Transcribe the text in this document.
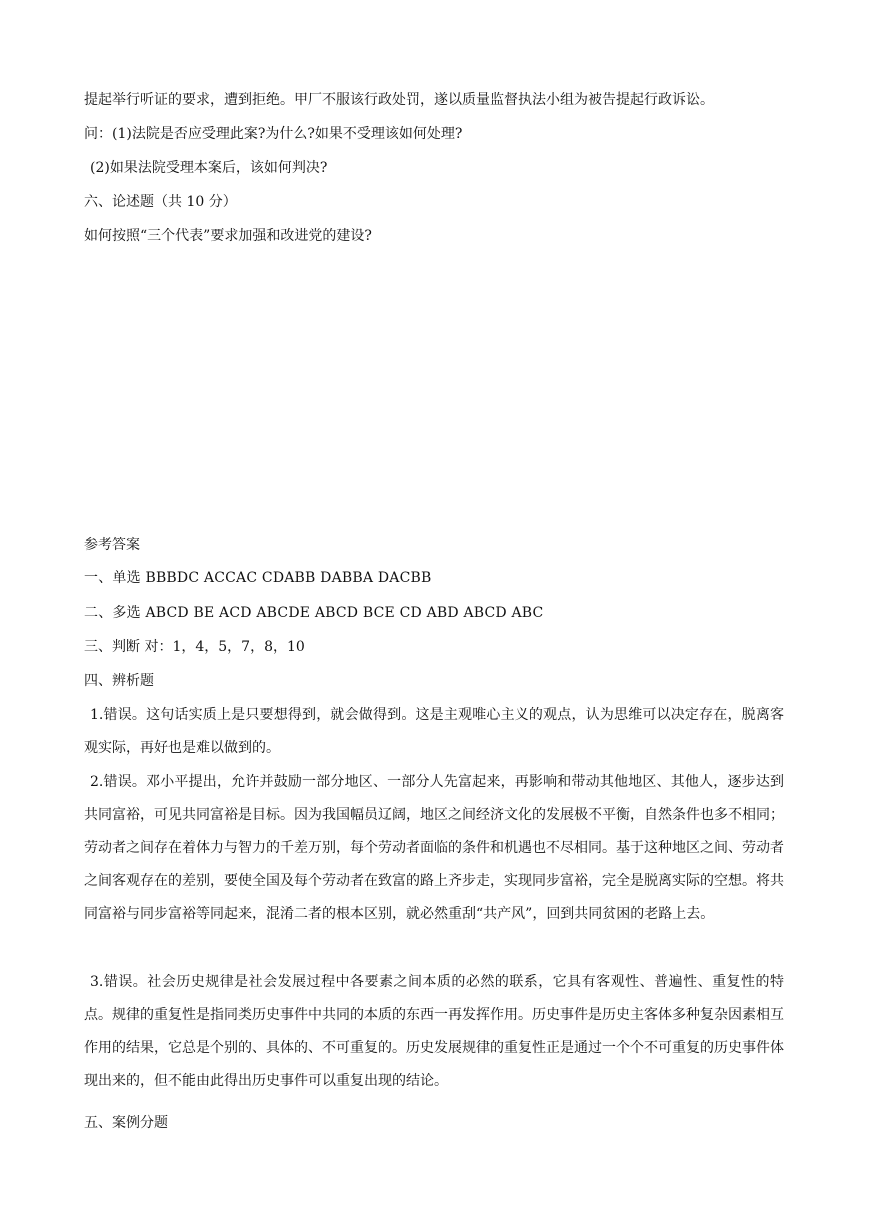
提起举行听证的要求，遭到拒绝。甲厂不服该行政处罚，遂以质量监督执法小组为被告提起行政诉讼。
问：(1)法院是否应受理此案?为什么?如果不受理该如何处理?
(2)如果法院受理本案后，该如何判决?
六、论述题（共 10 分）
如何按照“三个代表”要求加强和改进党的建设?
参考答案
一、单选 BBBDC ACCAC CDABB DABBA DACBB
二、多选 ABCD BE ACD ABCDE ABCD BCE CD ABD ABCD ABC
三、判断 对：1，4，5，7，8，10
四、辨析题
1.错误。这句话实质上是只要想得到，就会做得到。这是主观唯心主义的观点，认为思维可以决定存在，脱离客观实际，再好也是难以做到的。
2.错误。邓小平提出，允许并鼓励一部分地区、一部分人先富起来，再影响和带动其他地区、其他人，逐步达到共同富裕，可见共同富裕是目标。因为我国幅员辽阔，地区之间经济文化的发展极不平衡，自然条件也多不相同；劳动者之间存在着体力与智力的千差万别，每个劳动者面临的条件和机遇也不尽相同。基于这种地区之间、劳动者之间客观存在的差别，要使全国及每个劳动者在致富的路上齐步走，实现同步富裕，完全是脱离实际的空想。将共同富裕与同步富裕等同起来，混淆二者的根本区别，就必然重刮“共产风”，回到共同贫困的老路上去。
3.错误。社会历史规律是社会发展过程中各要素之间本质的必然的联系，它具有客观性、普遍性、重复性的特点。规律的重复性是指同类历史事件中共同的本质的东西一再发挥作用。历史事件是历史主客体多种复杂因素相互作用的结果，它总是个别的、具体的、不可重复的。历史发展规律的重复性正是通过一个个不可重复的历史事件体现出来的，但不能由此得出历史事件可以重复出现的结论。
五、案例分题
